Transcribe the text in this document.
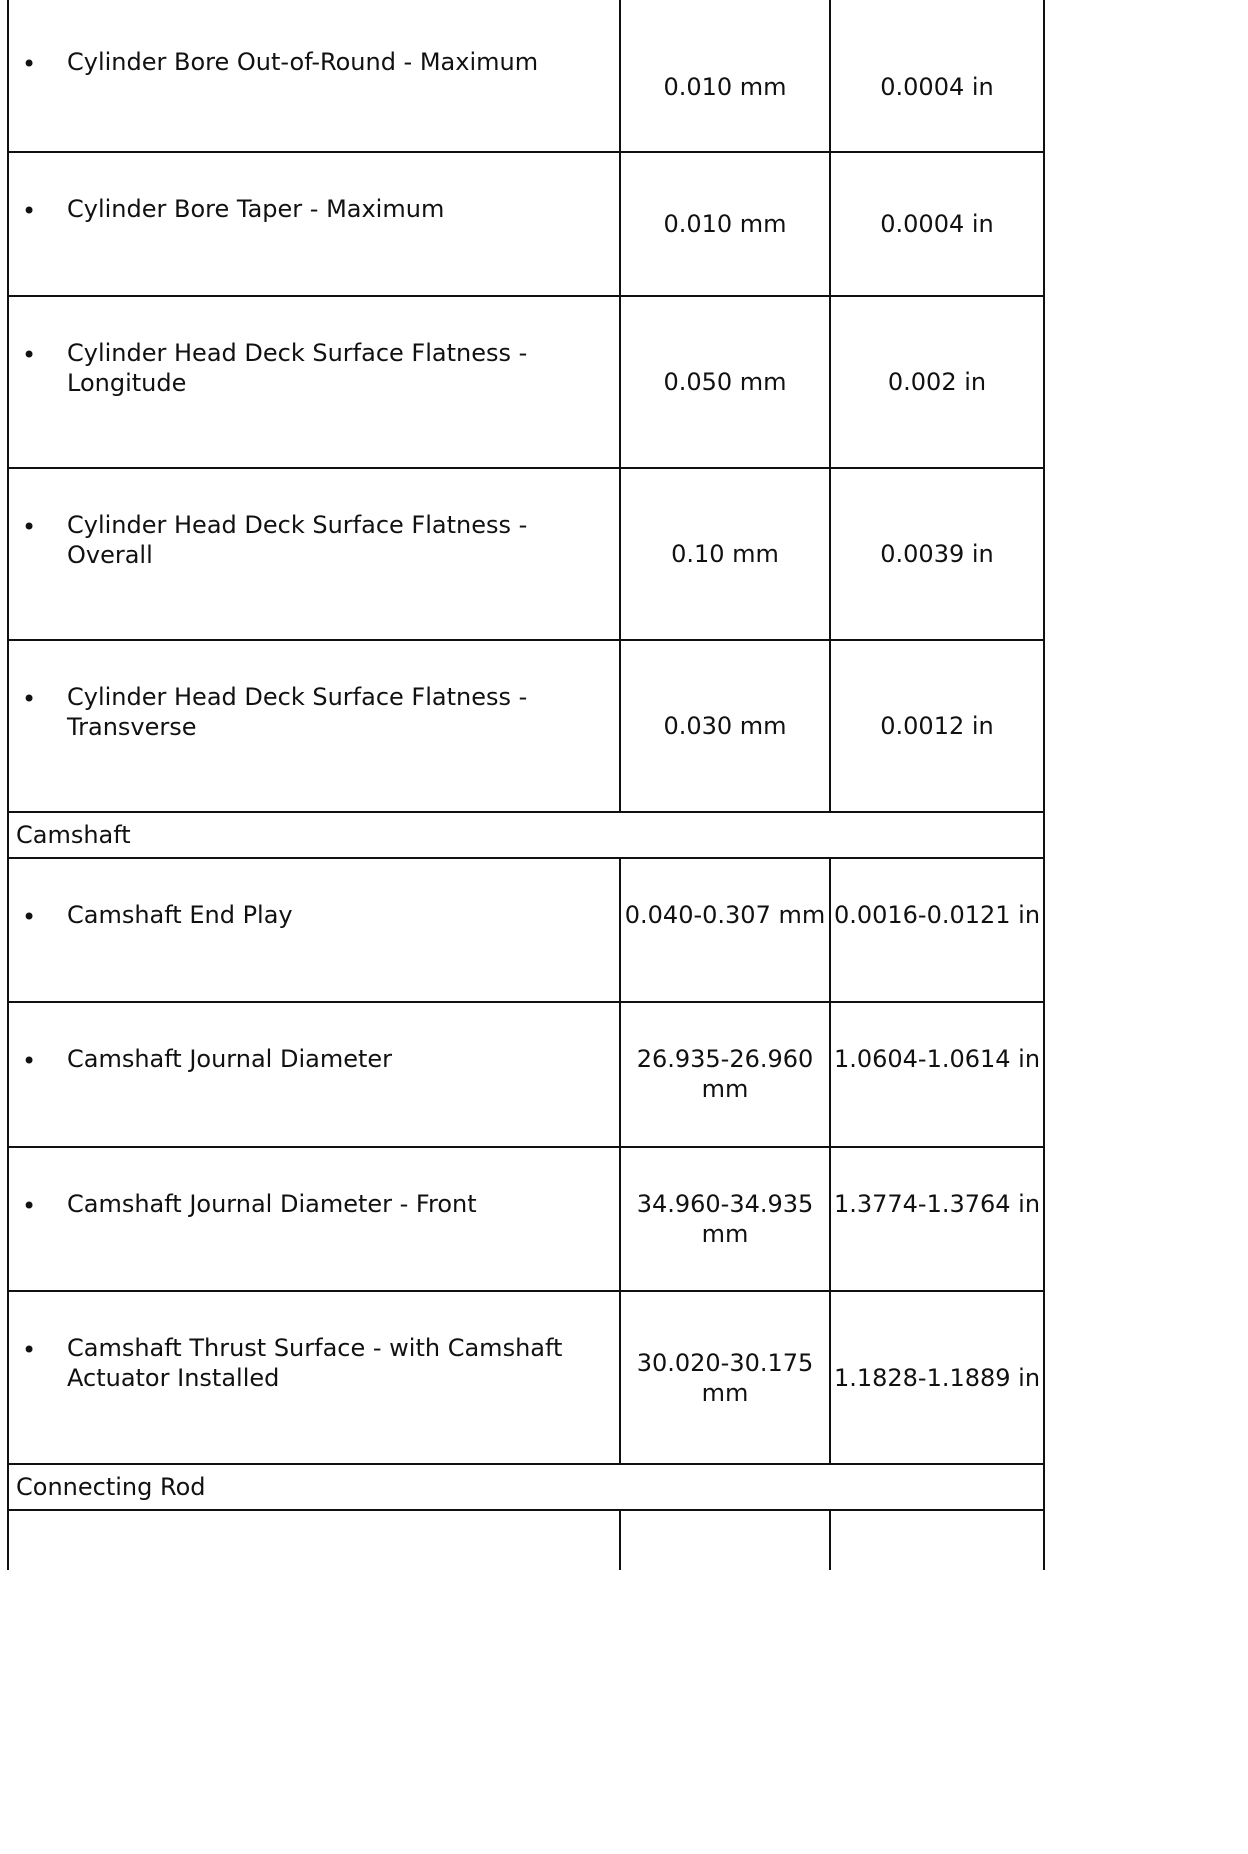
• Cylinder Bore Out-of-Round - Maximum	0.010 mm	0.0004 in

• Cylinder Bore Taper - Maximum	0.010 mm	0.0004 in

• Cylinder Head Deck Surface Flatness - Longitude	0.050 mm	0.002 in

• Cylinder Head Deck Surface Flatness - Overall	0.10 mm	0.0039 in

• Cylinder Head Deck Surface Flatness - Transverse	0.030 mm	0.0012 in

Camshaft		

• Camshaft End Play	0.040-0.307 mm	0.0016-0.0121 in

• Camshaft Journal Diameter	26.935-26.960 mm	1.0604-1.0614 in

• Camshaft Journal Diameter - Front	34.960-34.935 mm	1.3774-1.3764 in

• Camshaft Thrust Surface - with Camshaft Actuator Installed	30.020-30.175 mm	1.1828-1.1889 in

Connecting Rod		
